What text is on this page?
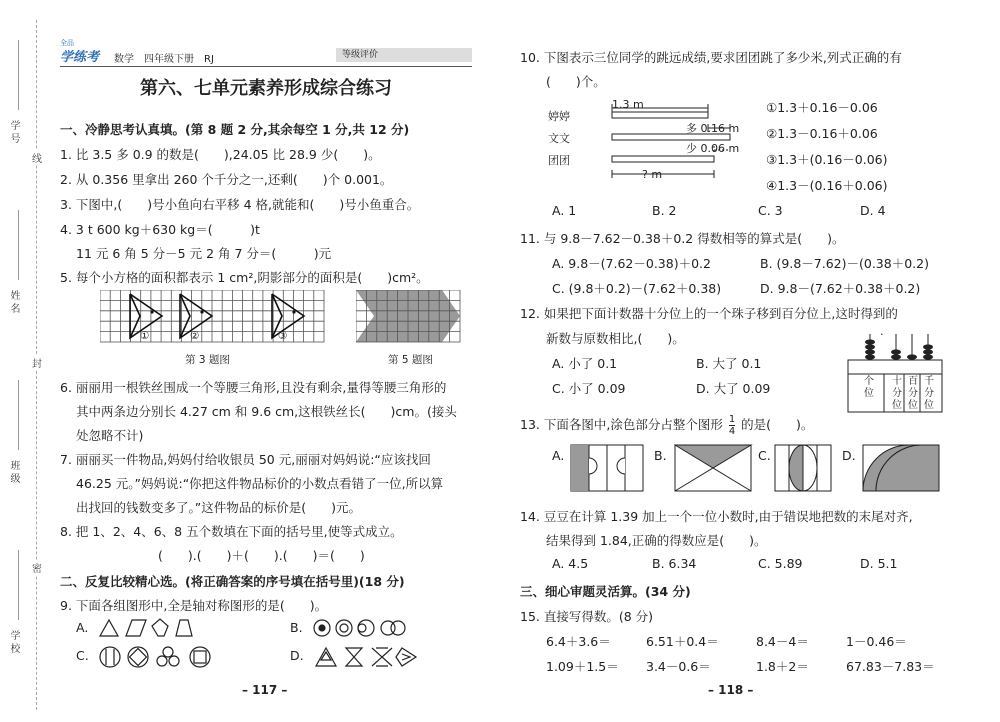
学 号
姓 名
班 级
学 校
线
封
密
全品
学练考 数学　四年级下册　RJ	等级评价
第六、七单元素养形成综合练习
一、冷静思考认真填。(第 8 题 2 分,其余每空 1 分,共 12 分)
1. 比 3.5 多 0.9 的数是(　　),24.05 比 28.9 少(　　)。
2. 从 0.356 里拿出 260 个千分之一,还剩(　　)个 0.001。
3. 下图中,(　　)号小鱼向右平移 4 格,就能和(　　)号小鱼重合。
4. 3 t 600 kg＋630 kg＝(　　　)t
11 元 6 角 5 分－5 元 2 角 7 分＝(　　　)元
5. 每个小方格的面积都表示 1 cm²,阴影部分的面积是(　　)cm²。
①	②	③
第 3 题图	第 5 题图
6. 丽丽用一根铁丝围成一个等腰三角形,且没有剩余,量得等腰三角形的
其中两条边分别长 4.27 cm 和 9.6 cm,这根铁丝长(　　)cm。(接头
处忽略不计)
7. 丽丽买一件物品,妈妈付给收银员 50 元,丽丽对妈妈说:“应该找回
46.25 元。”妈妈说:“你把这件物品标价的小数点看错了一位,所以算
出找回的钱数变多了。”这件物品的标价是(　　)元。
8. 把 1、2、4、6、8 五个数填在下面的括号里,使等式成立。
(　　).(　　)＋(　　).(　　)＝(　　)
二、反复比较精心选。(将正确答案的序号填在括号里)(18 分)
9. 下面各组图形中,全是轴对称图形的是(　　)。
A.	B.
C.	D.
– 117 –
10. 下图表示三位同学的跳远成绩,要求团团跳了多少米,列式正确的有
(　　)个。
1.3 m
婷婷
文文
团团
多 0.16 m
少 0.06 m
? m
①1.3＋0.16－0.06
②1.3－0.16＋0.06
③1.3＋(0.16－0.06)
④1.3－(0.16＋0.06)
A. 1	B. 2	C. 3	D. 4
11. 与 9.8－7.62－0.38＋0.2 得数相等的算式是(　　)。
A. 9.8－(7.62－0.38)＋0.2	B. (9.8－7.62)－(0.38＋0.2)
C. (9.8＋0.2)－(7.62＋0.38)	D. 9.8－(7.62＋0.38＋0.2)
12. 如果把下面计数器十分位上的一个珠子移到百分位上,这时得到的
新数与原数相比,(　　)。
A. 小了 0.1	B. 大了 0.1
C. 小了 0.09	D. 大了 0.09
·
个
位
十
分
位
百
分
位
千
分
位
13. 下面各图中,涂色部分占整个图形 $\frac{1}{4}$ 的是(　　)。
A.	B.	C.	D.
14. 豆豆在计算 1.39 加上一个一位小数时,由于错误地把数的末尾对齐,
结果得到 1.84,正确的得数应是(　　)。
A. 4.5	B. 6.34	C. 5.89	D. 5.1
三、细心审题灵活算。(34 分)
15. 直接写得数。(8 分)
6.4＋3.6＝	6.51＋0.4＝	8.4－4＝	1－0.46＝
1.09＋1.5＝ 3.4－0.6＝	1.8＋2＝	67.83－7.83＝
– 118 –
